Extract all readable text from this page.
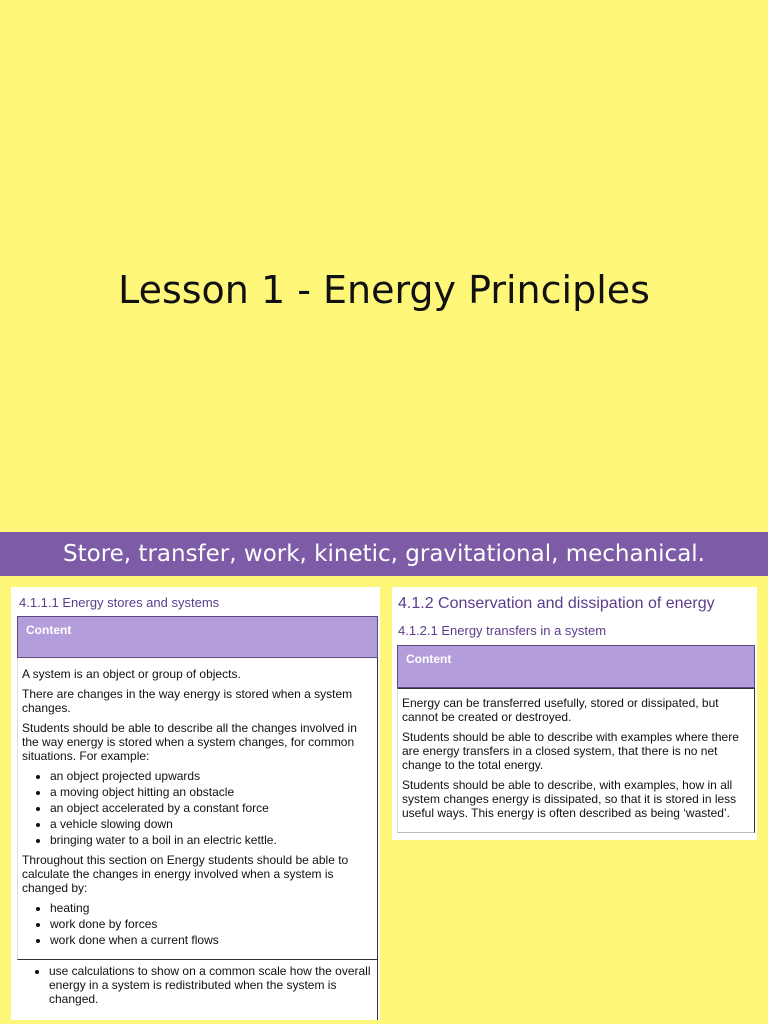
Lesson 1 - Energy Principles
Store, transfer, work, kinetic, gravitational, mechanical.
4.1.1.1 Energy stores and systems
Content

A system is an object or group of objects.

There are changes in the way energy is stored when a system changes.

Students should be able to describe all the changes involved in the way energy is stored when a system changes, for common situations. For example:

• an object projected upwards
• a moving object hitting an obstacle
• an object accelerated by a constant force
• a vehicle slowing down
• bringing water to a boil in an electric kettle.

Throughout this section on Energy students should be able to calculate the changes in energy involved when a system is changed by:

• heating
• work done by forces
• work done when a current flows
• use calculations to show on a common scale how the overall energy in a system is redistributed when the system is changed.
4.1.2 Conservation and dissipation of energy
4.1.2.1 Energy transfers in a system
Content

Energy can be transferred usefully, stored or dissipated, but cannot be created or destroyed.

Students should be able to describe with examples where there are energy transfers in a closed system, that there is no net change to the total energy.

Students should be able to describe, with examples, how in all system changes energy is dissipated, so that it is stored in less useful ways. This energy is often described as being ‘wasted’.
